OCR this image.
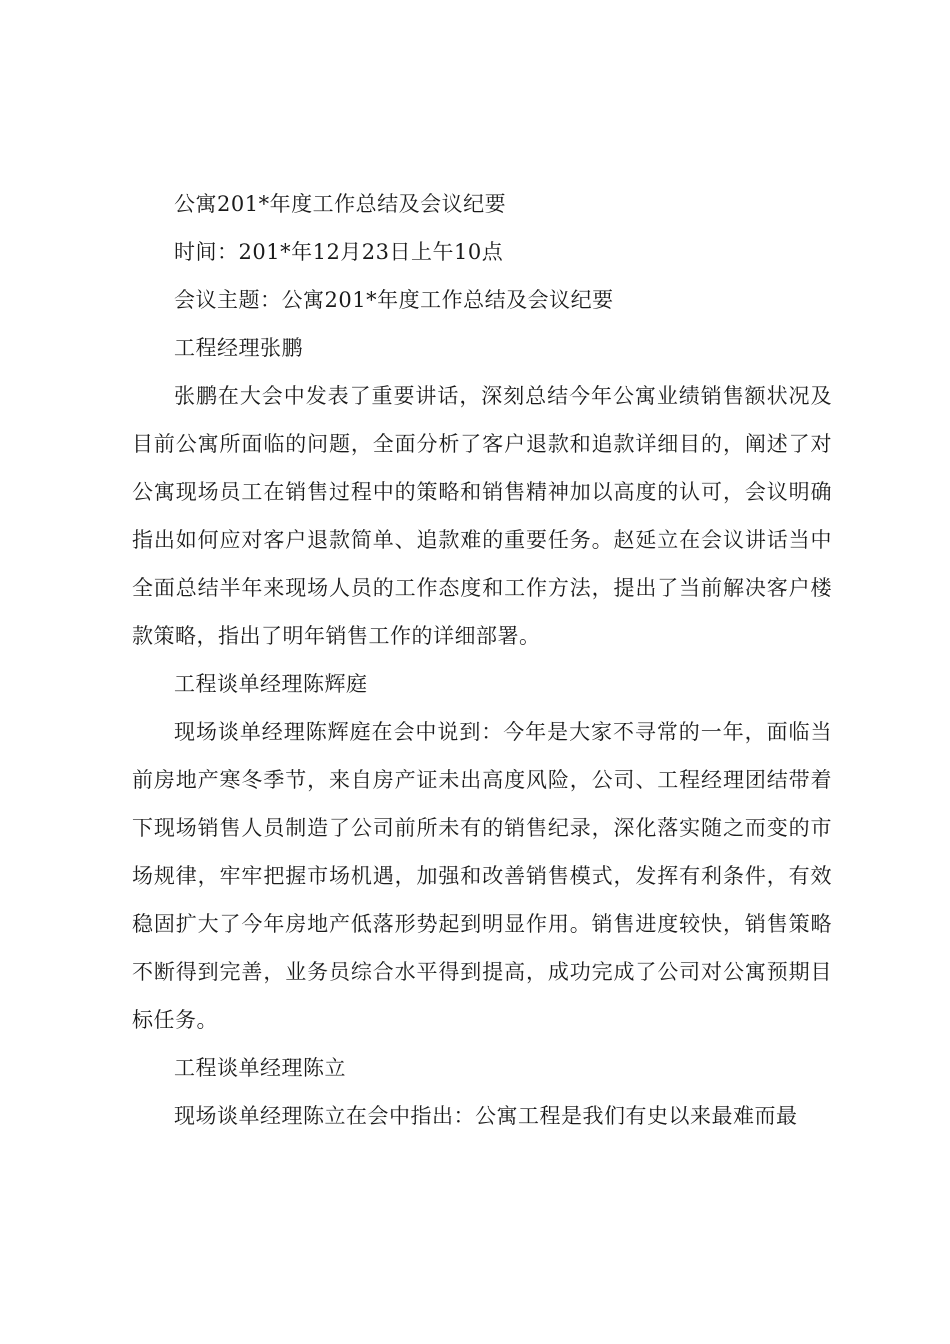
公寓201*年度工作总结及会议纪要

时间：201*年12月23日上午10点

会议主题：公寓201*年度工作总结及会议纪要

工程经理张鹏

张鹏在大会中发表了重要讲话，深刻总结今年公寓业绩销售额状况及目前公寓所面临的问题，全面分析了客户退款和追款详细目的，阐述了对公寓现场员工在销售过程中的策略和销售精神加以高度的认可，会议明确指出如何应对客户退款简单、追款难的重要任务。赵延立在会议讲话当中全面总结半年来现场人员的工作态度和工作方法，提出了当前解决客户楼款策略，指出了明年销售工作的详细部署。

工程谈单经理陈辉庭

现场谈单经理陈辉庭在会中说到：今年是大家不寻常的一年，面临当前房地产寒冬季节，来自房产证未出高度风险，公司、工程经理团结带着下现场销售人员制造了公司前所未有的销售纪录，深化落实随之而变的市场规律，牢牢把握市场机遇，加强和改善销售模式，发挥有利条件，有效稳固扩大了今年房地产低落形势起到明显作用。销售进度较快，销售策略不断得到完善，业务员综合水平得到提高，成功完成了公司对公寓预期目标任务。

工程谈单经理陈立

现场谈单经理陈立在会中指出：公寓工程是我们有史以来最难而最
